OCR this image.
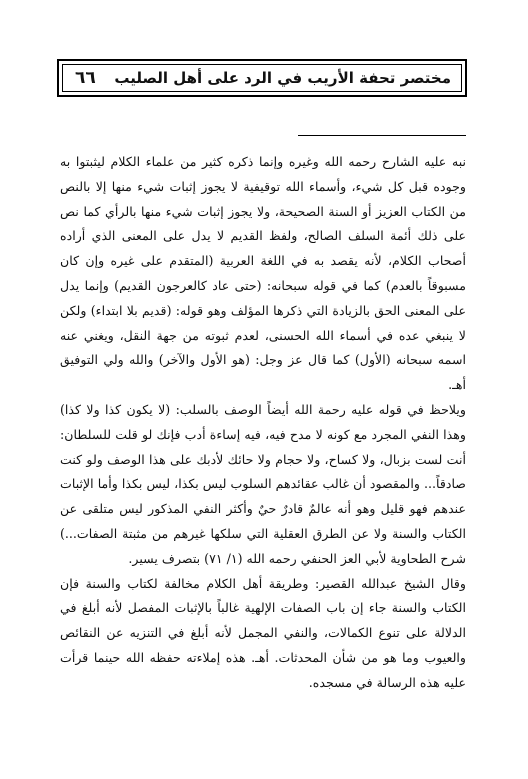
٦٦ مختصر تحفة الأريب في الرد على أهل الصليب

نبه عليه الشارح رحمه الله وغيره وإنما ذكره كثير من علماء الكلام ليثبتوا به وجوده قبل كل شيء، وأسماء الله توقيفية لا يجوز إثبات شيء منها إلا بالنص من الكتاب العزيز أو السنة الصحيحة، ولا يجوز إثبات شيء منها بالرأي كما نص على ذلك أئمة السلف الصالح، ولفظ القديم لا يدل على المعنى الذي أراده أصحاب الكلام، لأنه يقصد به في اللغة العربية (المتقدم على غيره وإن كان مسبوقاً بالعدم) كما في قوله سبحانه: (حتى عاد كالعرجون القديم) وإنما يدل على المعنى الحق بالزيادة التي ذكرها المؤلف وهو قوله: (قديم بلا ابتداء) ولكن لا ينبغي عده في أسماء الله الحسنى، لعدم ثبوته من جهة النقل، ويغني عنه اسمه سبحانه (الأول) كما قال عز وجل: (هو الأول والآخر) والله ولي التوفيق أهـ.

ويلاحظ في قوله عليه رحمة الله أيضاً الوصف بالسلب: (لا يكون كذا ولا كذا) وهذا النفي المجرد مع كونه لا مدح فيه، فيه إساءة أدب فإنك لو قلت للسلطان: أنت لست بزبال، ولا كساح، ولا حجام ولا حائك لأدبك على هذا الوصف ولو كنت صادقاً... والمقصود أن غالب عقائدهم السلوب ليس بكذا، ليس بكذا وأما الإثبات عندهم فهو قليل وهو أنه عالمٌ قادرٌ حيٌ وأكثر النفي المذكور ليس متلقى عن الكتاب والسنة ولا عن الطرق العقلية التي سلكها غيرهم من مثبتة الصفات...) شرح الطحاوية لأبي العز الحنفي رحمه الله (١/ ٧١) بتصرف يسير.

وقال الشيخ عبدالله القصير: وطريقة أهل الكلام مخالفة لكتاب والسنة فإن الكتاب والسنة جاء إن باب الصفات الإلهية غالباً بالإثبات المفصل لأنه أبلغ في الدلالة على تنوع الكمالات، والنفي المجمل لأنه أبلغ في التنزيه عن النقائص والعيوب وما هو من شأن المحدثات. أهـ. هذه إملاءته حفظه الله حينما قرأت عليه هذه الرسالة في مسجده.
